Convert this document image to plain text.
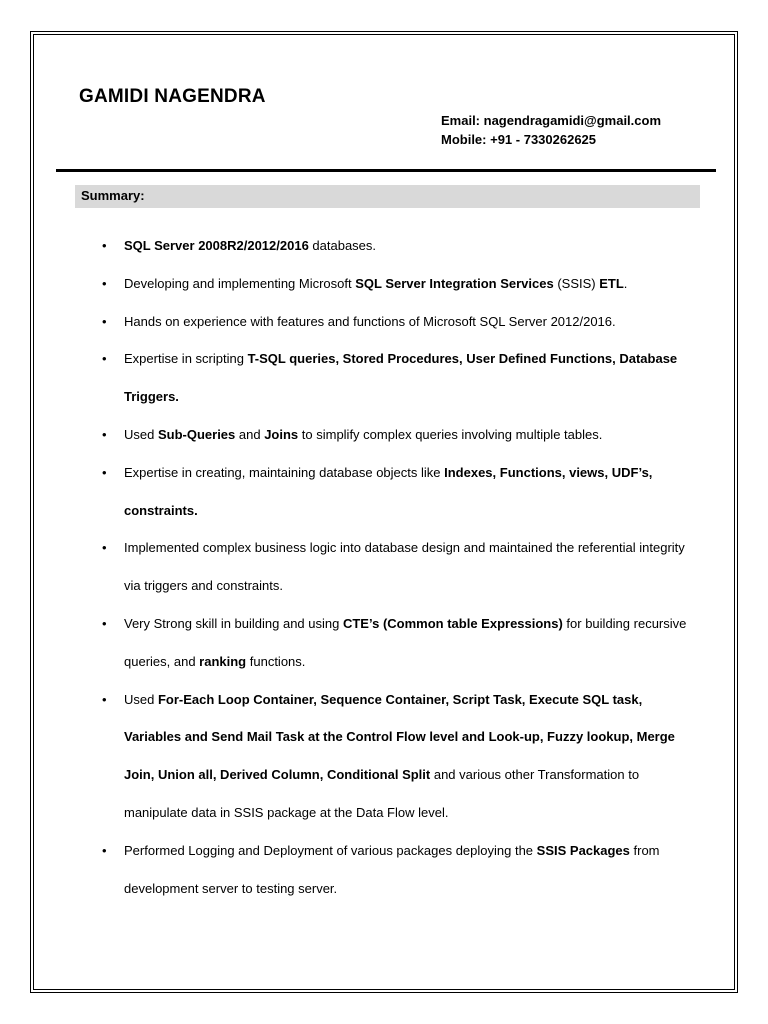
GAMIDI NAGENDRA
Email: nagendragamidi@gmail.com
Mobile: +91 - 7330262625
Summary:
• SQL Server 2008R2/2012/2016 databases.
• Developing and implementing Microsoft SQL Server Integration Services (SSIS) ETL.
• Hands on experience with features and functions of Microsoft SQL Server 2012/2016.
• Expertise in scripting T-SQL queries, Stored Procedures, User Defined Functions, Database Triggers.
• Used Sub-Queries and Joins to simplify complex queries involving multiple tables.
• Expertise in creating, maintaining database objects like Indexes, Functions, views, UDF’s, constraints.
• Implemented complex business logic into database design and maintained the referential integrity via triggers and constraints.
• Very Strong skill in building and using CTE’s (Common table Expressions) for building recursive queries, and ranking functions.
• Used For-Each Loop Container, Sequence Container, Script Task, Execute SQL task, Variables and Send Mail Task at the Control Flow level and Look-up, Fuzzy lookup, Merge Join, Union all, Derived Column, Conditional Split and various other Transformation to manipulate data in SSIS package at the Data Flow level.
• Performed Logging and Deployment of various packages deploying the SSIS Packages from development server to testing server.
